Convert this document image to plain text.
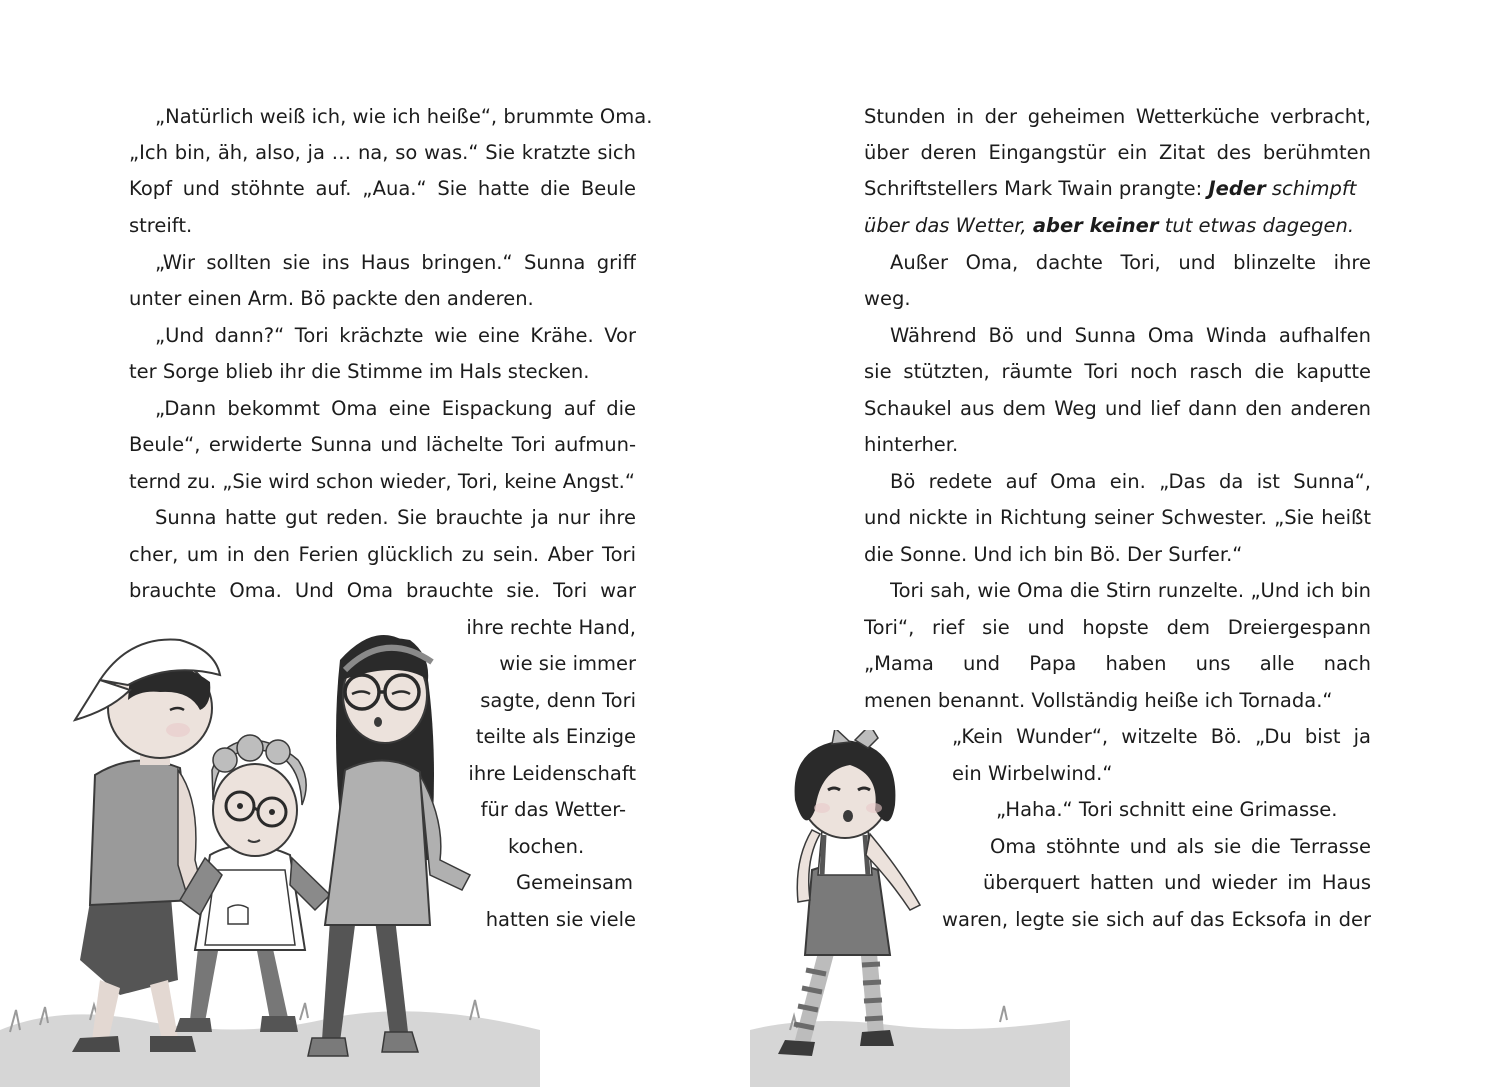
„Natürlich weiß ich, wie ich heiße“, brummte Oma.

„Ich bin, äh, also, ja … na, so was.“ Sie kratzte sich

Kopf und stöhnte auf. „Aua.“ Sie hatte die Beule

streift.

„Wir sollten sie ins Haus bringen.“ Sunna griff

unter einen Arm. Bö packte den anderen.

„Und dann?“ Tori krächzte wie eine Krähe. Vor

ter Sorge blieb ihr die Stimme im Hals stecken.

„Dann bekommt Oma eine Eispackung auf die

Beule“, erwiderte Sunna und lächelte Tori aufmun-

ternd zu. „Sie wird schon wieder, Tori, keine Angst.“

Sunna hatte gut reden. Sie brauchte ja nur ihre

cher, um in den Ferien glücklich zu sein. Aber Tori

brauchte Oma. Und Oma brauchte sie. Tori war

ihre rechte Hand,

wie sie immer

sagte, denn Tori

teilte als Einzige

ihre Leidenschaft

für das Wetter-

kochen.

Gemeinsam

hatten sie viele

Stunden in der geheimen Wetterküche verbracht,

über deren Eingangstür ein Zitat des berühmten

Schriftstellers Mark Twain prangte: Jeder schimpft

über das Wetter, aber keiner tut etwas dagegen.

Außer Oma, dachte Tori, und blinzelte ihre

weg.

Während Bö und Sunna Oma Winda aufhalfen

sie stützten, räumte Tori noch rasch die kaputte

Schaukel aus dem Weg und lief dann den anderen

hinterher.

Bö redete auf Oma ein. „Das da ist Sunna“,

und nickte in Richtung seiner Schwester. „Sie heißt

die Sonne. Und ich bin Bö. Der Surfer.“

Tori sah, wie Oma die Stirn runzelte. „Und ich bin

Tori“, rief sie und hopste dem Dreiergespann

„Mama und Papa haben uns alle nach

menen benannt. Vollständig heiße ich Tornada.“

„Kein Wunder“, witzelte Bö. „Du bist ja

ein Wirbelwind.“

„Haha.“ Tori schnitt eine Grimasse.

Oma stöhnte und als sie die Terrasse

überquert hatten und wieder im Haus

waren, legte sie sich auf das Ecksofa in der
